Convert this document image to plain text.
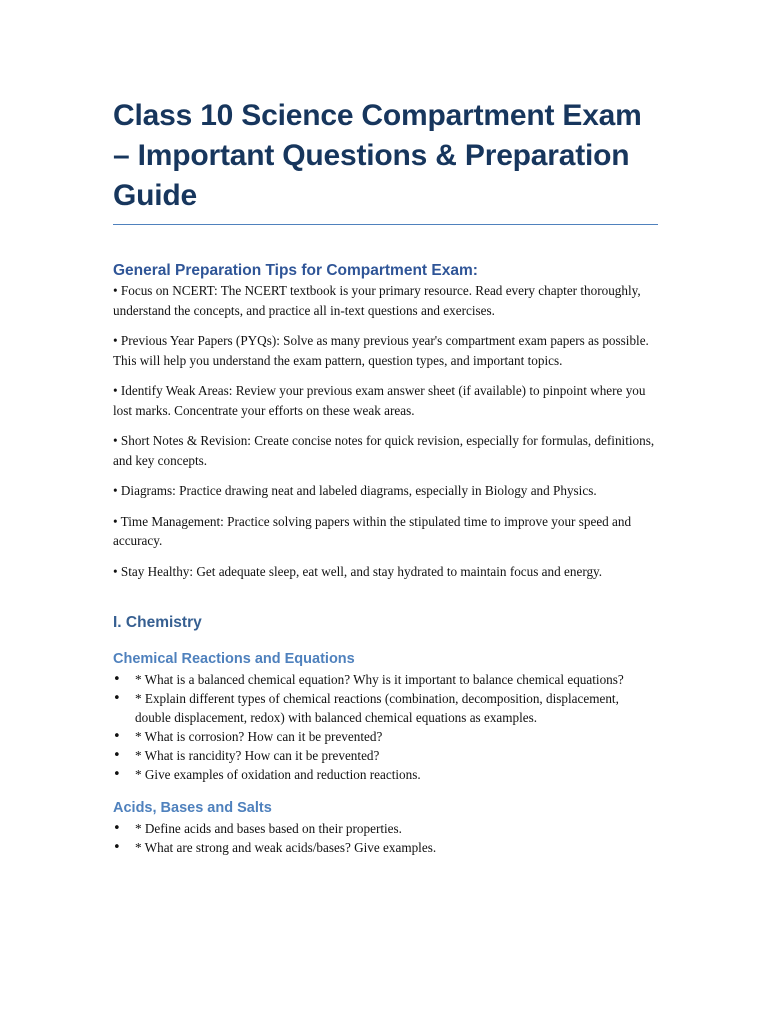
Class 10 Science Compartment Exam – Important Questions & Preparation Guide
General Preparation Tips for Compartment Exam:

• Focus on NCERT: The NCERT textbook is your primary resource. Read every chapter thoroughly, understand the concepts, and practice all in-text questions and exercises.

• Previous Year Papers (PYQs): Solve as many previous year's compartment exam papers as possible. This will help you understand the exam pattern, question types, and important topics.

• Identify Weak Areas: Review your previous exam answer sheet (if available) to pinpoint where you lost marks. Concentrate your efforts on these weak areas.

• Short Notes & Revision: Create concise notes for quick revision, especially for formulas, definitions, and key concepts.

• Diagrams: Practice drawing neat and labeled diagrams, especially in Biology and Physics.

• Time Management: Practice solving papers within the stipulated time to improve your speed and accuracy.

• Stay Healthy: Get adequate sleep, eat well, and stay hydrated to maintain focus and energy.

I. Chemistry
Chemical Reactions and Equations
• * What is a balanced chemical equation? Why is it important to balance chemical equations?
• * Explain different types of chemical reactions (combination, decomposition, displacement, double displacement, redox) with balanced chemical equations as examples.
• * What is corrosion? How can it be prevented?
• * What is rancidity? How can it be prevented?
• * Give examples of oxidation and reduction reactions.
Acids, Bases and Salts
• * Define acids and bases based on their properties.
• * What are strong and weak acids/bases? Give examples.
